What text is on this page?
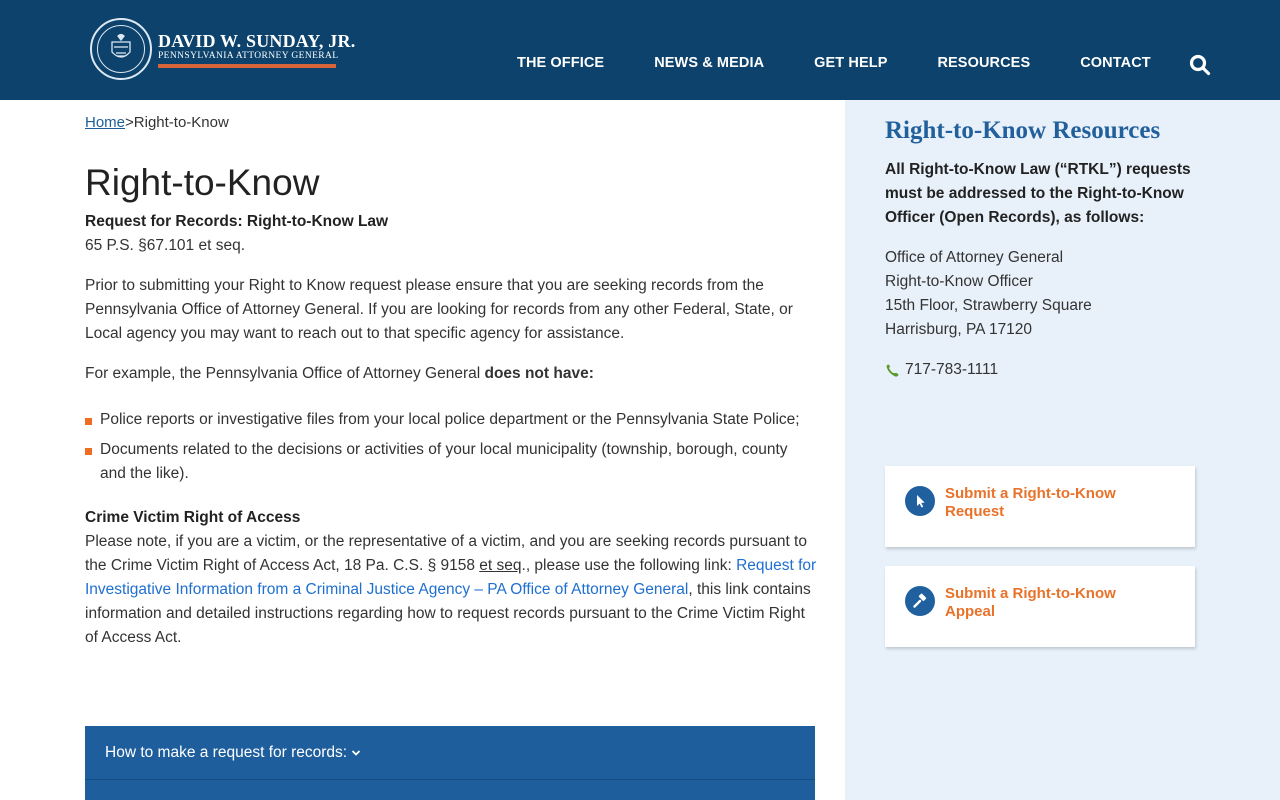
DAVID W. SUNDAY, JR.
PENNSYLVANIA ATTORNEY GENERAL	THE OFFICE	NEWS & MEDIA	GET HELP	RESOURCES	CONTACT
Home>Right-to-Know
Right-to-Know
Request for Records: Right-to-Know Law
65 P.S. §67.101 et seq.

Prior to submitting your Right to Know request please ensure that you are seeking records from the Pennsylvania Office of Attorney General. If you are looking for records from any other Federal, State, or Local agency you may want to reach out to that specific agency for assistance.

For example, the Pennsylvania Office of Attorney General does not have:

Police reports or investigative files from your local police department or the Pennsylvania State Police;
Documents related to the decisions or activities of your local municipality (township, borough, county and the like).
Crime Victim Right of Access

Please note, if you are a victim, or the representative of a victim, and you are seeking records pursuant to the Crime Victim Right of Access Act, 18 Pa. C.S. § 9158 et seq., please use the following link: Request for Investigative Information from a Criminal Justice Agency – PA Office of Attorney General, this link contains information and detailed instructions regarding how to request records pursuant to the Crime Victim Right of Access Act.

How to make a request for records:
Right-to-Know Resources

All Right-to-Know Law (“RTKL”) requests must be addressed to the Right-to-Know Officer (Open Records), as follows:

Office of Attorney General
Right-to-Know Officer
15th Floor, Strawberry Square
Harrisburg, PA 17120
717-783-1111
Submit a Right-to-Know Request
Submit a Right-to-Know Appeal
